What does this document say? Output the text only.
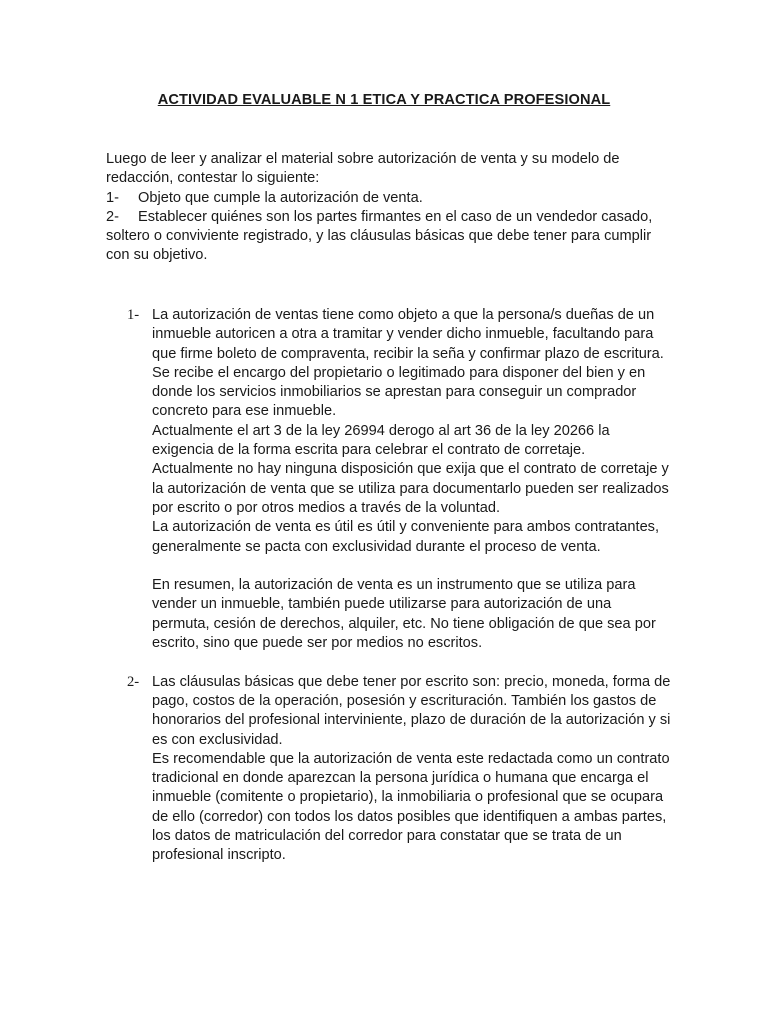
ACTIVIDAD EVALUABLE N 1 ETICA Y PRACTICA PROFESIONAL

Luego de leer y analizar el material sobre autorización de venta y su modelo de redacción, contestar lo siguiente:

1- Objeto que cumple la autorización de venta.

2- Establecer quiénes son los partes firmantes en el caso de un vendedor casado, soltero o conviviente registrado, y las cláusulas básicas que debe tener para cumplir con su objetivo.

1- La autorización de ventas tiene como objeto a que la persona/s dueñas de un inmueble autoricen a otra a tramitar y vender dicho inmueble, facultando para que firme boleto de compraventa, recibir la seña y confirmar plazo de escritura.

Se recibe el encargo del propietario o legitimado para disponer del bien y en donde los servicios inmobiliarios se aprestan para conseguir un comprador concreto para ese inmueble.

Actualmente el art 3 de la ley 26994 derogo al art 36 de la ley 20266 la exigencia de la forma escrita para celebrar el contrato de corretaje.

Actualmente no hay ninguna disposición que exija que el contrato de corretaje y la autorización de venta que se utiliza para documentarlo pueden ser realizados por escrito o por otros medios a través de la voluntad.

La autorización de venta es útil es útil y conveniente para ambos contratantes, generalmente se pacta con exclusividad durante el proceso de venta.

En resumen, la autorización de venta es un instrumento que se utiliza para vender un inmueble, también puede utilizarse para autorización de una permuta, cesión de derechos, alquiler, etc. No tiene obligación de que sea por escrito, sino que puede ser por medios no escritos.

2- Las cláusulas básicas que debe tener por escrito son: precio, moneda, forma de pago, costos de la operación, posesión y escrituración. También los gastos de honorarios del profesional interviniente, plazo de duración de la autorización y si es con exclusividad.

Es recomendable que la autorización de venta este redactada como un contrato tradicional en donde aparezcan la persona jurídica o humana que encarga el inmueble (comitente o propietario), la inmobiliaria o profesional que se ocupara de ello (corredor) con todos los datos posibles que identifiquen a ambas partes, los datos de matriculación del corredor para constatar que se trata de un profesional inscripto.
